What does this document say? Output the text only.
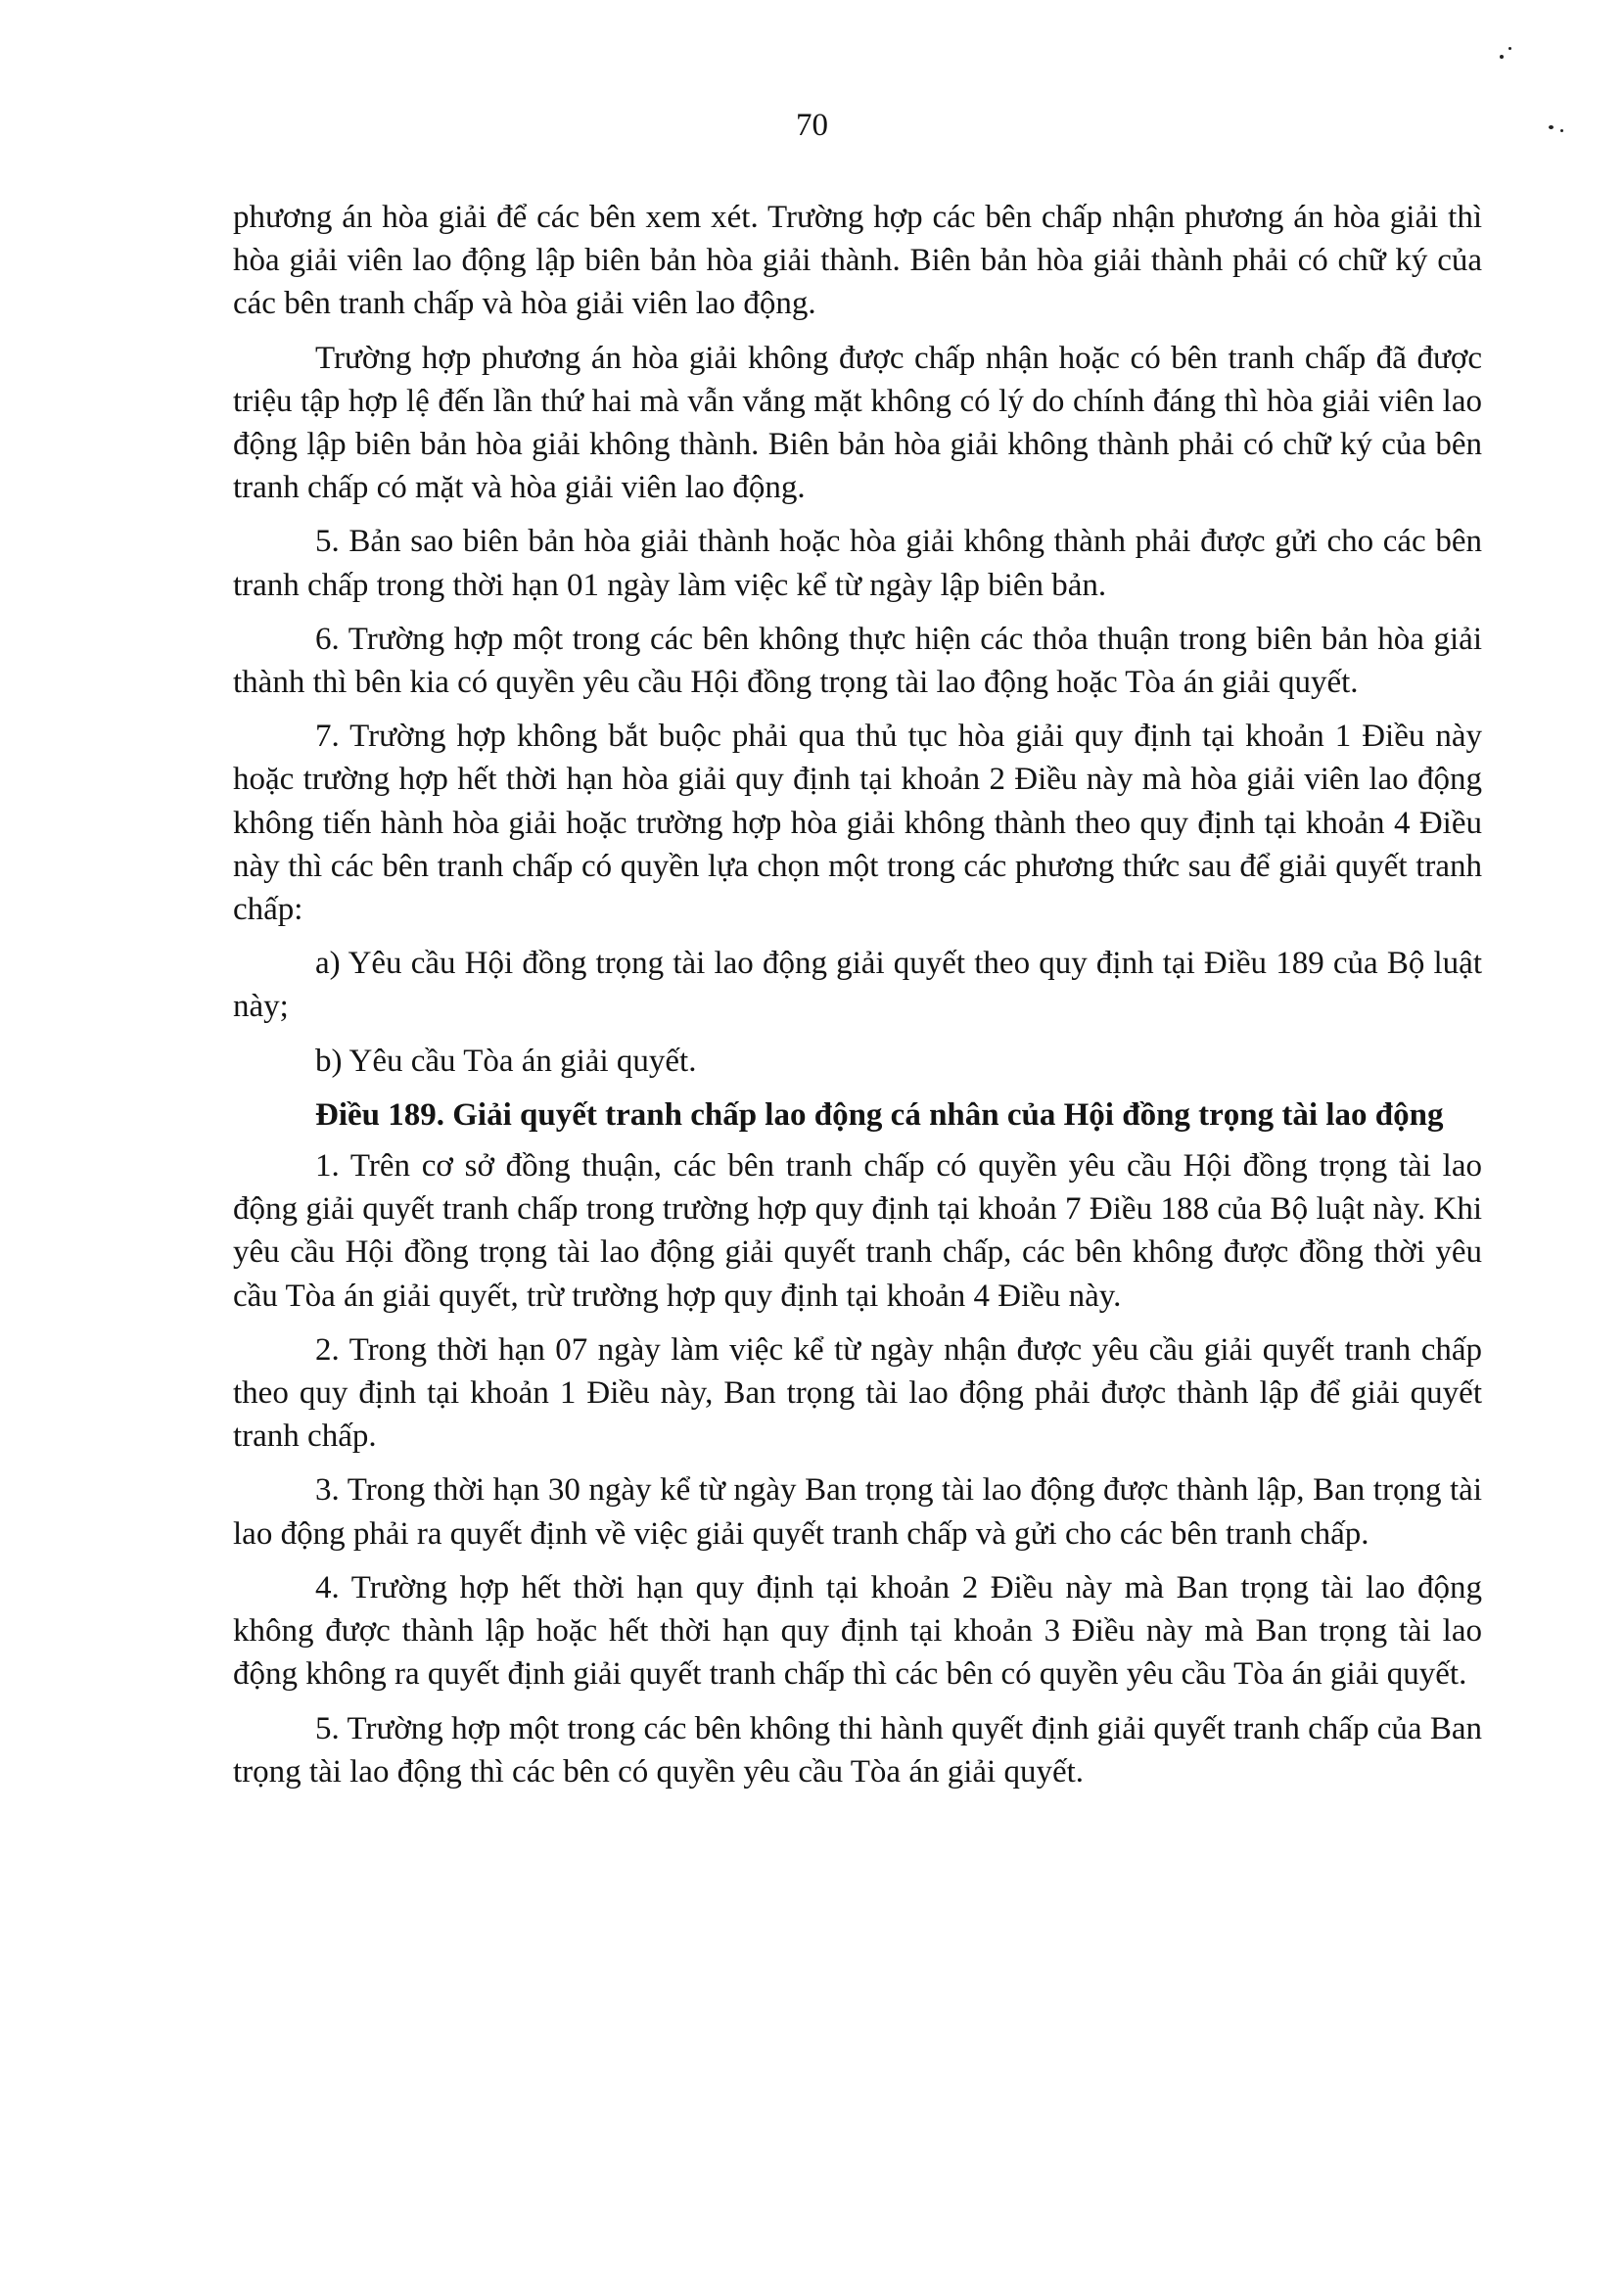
70

phương án hòa giải để các bên xem xét. Trường hợp các bên chấp nhận phương án hòa giải thì hòa giải viên lao động lập biên bản hòa giải thành. Biên bản hòa giải thành phải có chữ ký của các bên tranh chấp và hòa giải viên lao động.

Trường hợp phương án hòa giải không được chấp nhận hoặc có bên tranh chấp đã được triệu tập hợp lệ đến lần thứ hai mà vẫn vắng mặt không có lý do chính đáng thì hòa giải viên lao động lập biên bản hòa giải không thành. Biên bản hòa giải không thành phải có chữ ký của bên tranh chấp có mặt và hòa giải viên lao động.

5. Bản sao biên bản hòa giải thành hoặc hòa giải không thành phải được gửi cho các bên tranh chấp trong thời hạn 01 ngày làm việc kể từ ngày lập biên bản.

6. Trường hợp một trong các bên không thực hiện các thỏa thuận trong biên bản hòa giải thành thì bên kia có quyền yêu cầu Hội đồng trọng tài lao động hoặc Tòa án giải quyết.

7. Trường hợp không bắt buộc phải qua thủ tục hòa giải quy định tại khoản 1 Điều này hoặc trường hợp hết thời hạn hòa giải quy định tại khoản 2 Điều này mà hòa giải viên lao động không tiến hành hòa giải hoặc trường hợp hòa giải không thành theo quy định tại khoản 4 Điều này thì các bên tranh chấp có quyền lựa chọn một trong các phương thức sau để giải quyết tranh chấp:

a) Yêu cầu Hội đồng trọng tài lao động giải quyết theo quy định tại Điều 189 của Bộ luật này;

b) Yêu cầu Tòa án giải quyết.

Điều 189. Giải quyết tranh chấp lao động cá nhân của Hội đồng trọng tài lao động

1. Trên cơ sở đồng thuận, các bên tranh chấp có quyền yêu cầu Hội đồng trọng tài lao động giải quyết tranh chấp trong trường hợp quy định tại khoản 7 Điều 188 của Bộ luật này. Khi yêu cầu Hội đồng trọng tài lao động giải quyết tranh chấp, các bên không được đồng thời yêu cầu Tòa án giải quyết, trừ trường hợp quy định tại khoản 4 Điều này.

2. Trong thời hạn 07 ngày làm việc kể từ ngày nhận được yêu cầu giải quyết tranh chấp theo quy định tại khoản 1 Điều này, Ban trọng tài lao động phải được thành lập để giải quyết tranh chấp.

3. Trong thời hạn 30 ngày kể từ ngày Ban trọng tài lao động được thành lập, Ban trọng tài lao động phải ra quyết định về việc giải quyết tranh chấp và gửi cho các bên tranh chấp.

4. Trường hợp hết thời hạn quy định tại khoản 2 Điều này mà Ban trọng tài lao động không được thành lập hoặc hết thời hạn quy định tại khoản 3 Điều này mà Ban trọng tài lao động không ra quyết định giải quyết tranh chấp thì các bên có quyền yêu cầu Tòa án giải quyết.

5. Trường hợp một trong các bên không thi hành quyết định giải quyết tranh chấp của Ban trọng tài lao động thì các bên có quyền yêu cầu Tòa án giải quyết.
